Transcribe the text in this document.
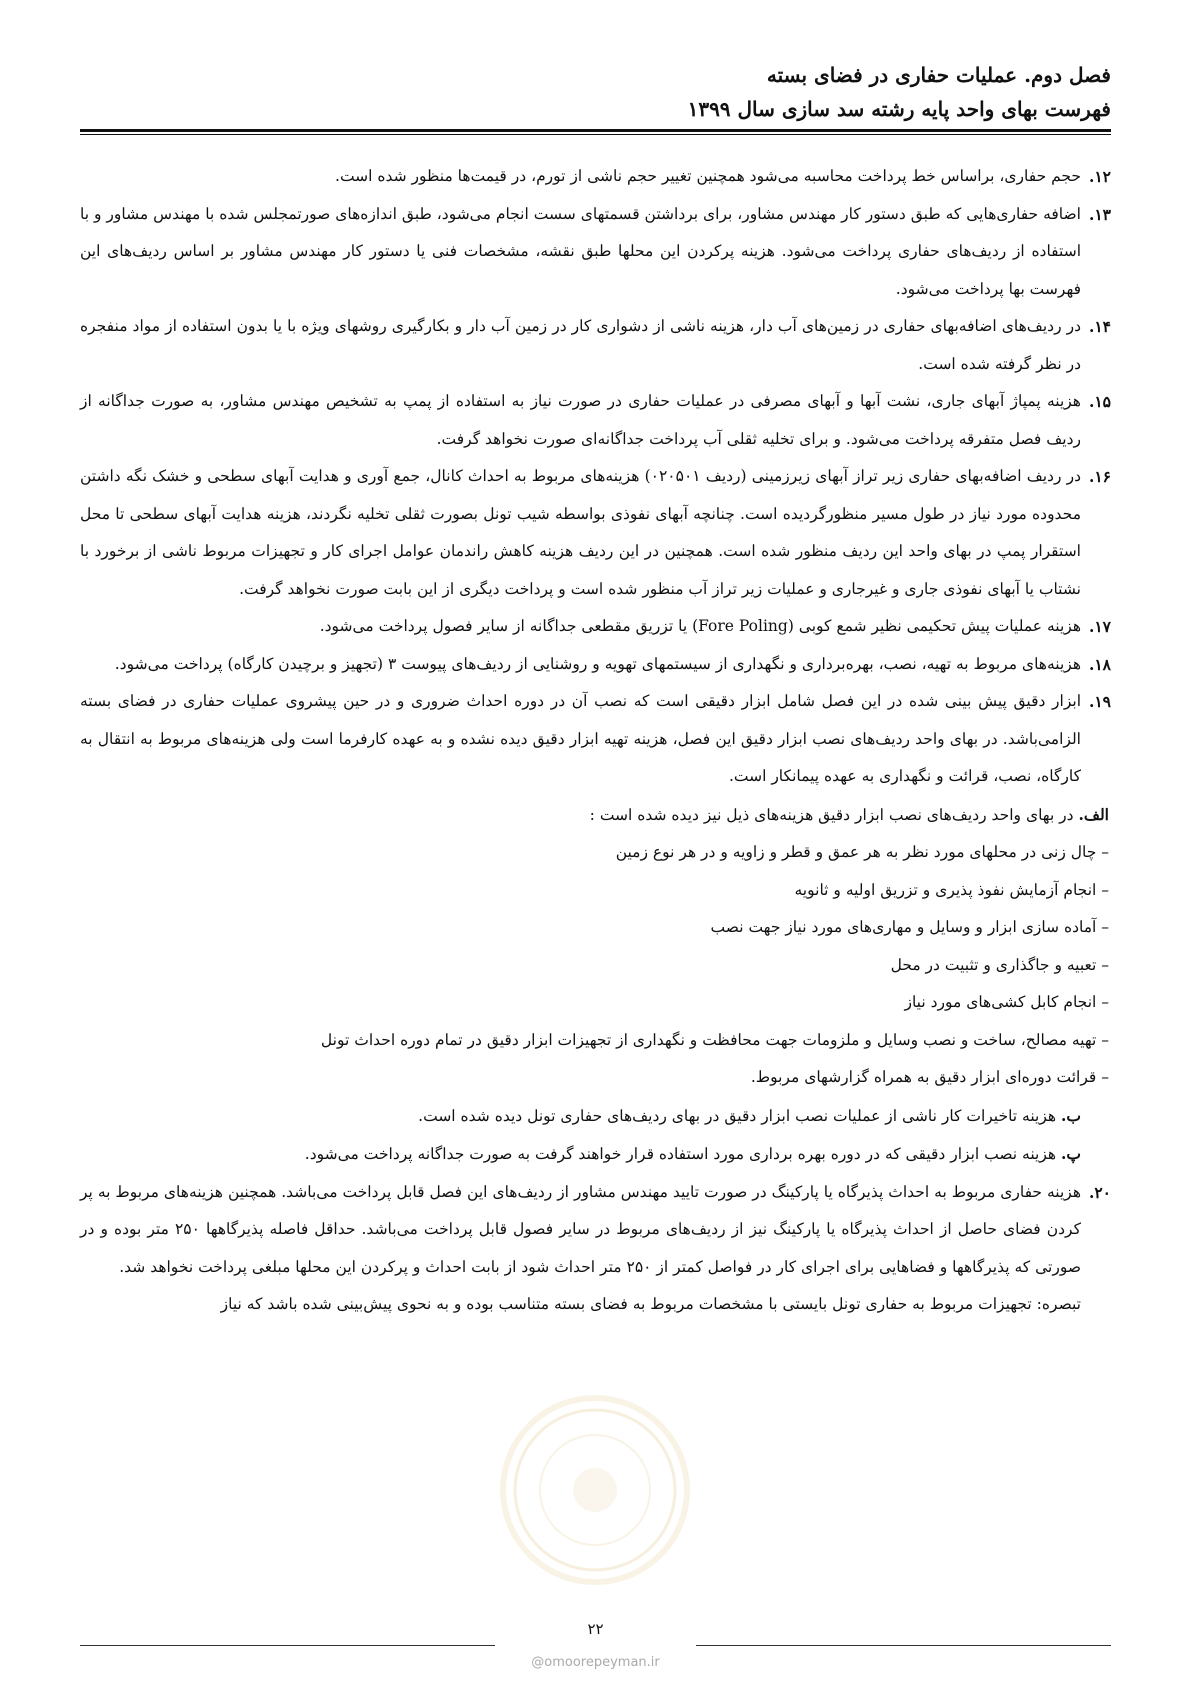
فصل دوم. عملیات حفاری در فضای بسته
فهرست بهای واحد پایه رشته سد سازی سال ۱۳۹۹
۱۲.
حجم حفاری، براساس خط پرداخت محاسبه می‌شود همچنین تغییر حجم ناشی از تورم، در قیمت‌ها منظور شده است.
۱۳.
اضافه حفاری‌هایی که طبق دستور کار مهندس مشاور، برای برداشتن قسمتهای سست انجام می‌شود، طبق اندازه‌های صورتمجلس شده با مهندس مشاور و با استفاده از ردیف‌های حفاری پرداخت می‌شود. هزینه پرکردن این محلها طبق نقشه، مشخصات فنی یا دستور کار مهندس مشاور بر اساس ردیف‌های این فهرست بها پرداخت می‌شود.
۱۴.
در ردیف‌های اضافه‌بهای حفاری در زمین‌های آب دار، هزینه ناشی از دشواری کار در زمین آب دار و بکارگیری روشهای ویژه با یا بدون استفاده از مواد منفجره در نظر گرفته شده است.
۱۵.
هزینه پمپاژ آبهای جاری، نشت آبها و آبهای مصرفی در عملیات حفاری در صورت نیاز به استفاده از پمپ به تشخیص مهندس مشاور، به صورت جداگانه از ردیف فصل متفرقه پرداخت می‌شود. و برای تخلیه ثقلی آب پرداخت جداگانه‌ای صورت نخواهد گرفت.
۱۶.
در ردیف اضافه‌بهای حفاری زیر تراز آبهای زیرزمینی (ردیف ۰۲۰۵۰۱) هزینه‌های مربوط به احداث کانال، جمع آوری و هدایت آبهای سطحی و خشک نگه داشتن محدوده مورد نیاز در طول مسیر منظورگردیده است. چنانچه آبهای نفوذی بواسطه شیب تونل بصورت ثقلی تخلیه نگردند، هزینه هدایت آبهای سطحی تا محل استقرار پمپ در بهای واحد این ردیف منظور شده است. همچنین در این ردیف هزینه کاهش راندمان عوامل اجرای کار و تجهیزات مربوط ناشی از برخورد با نشتاب یا آبهای نفوذی جاری و غیرجاری و عملیات زیر تراز آب منظور شده است و پرداخت دیگری از این بابت صورت نخواهد گرفت.
۱۷.
هزینه عملیات پیش تحکیمی نظیر شمع کوبی (Fore Poling) یا تزریق مقطعی جداگانه از سایر فصول پرداخت می‌شود.
۱۸.
هزینه‌های مربوط به تهیه، نصب، بهره‌برداری و نگهداری از سیستمهای تهویه و روشنایی از ردیف‌های پیوست ۳ (تجهیز و برچیدن کارگاه) پرداخت می‌شود.
۱۹.
ابزار دقیق پیش بینی شده در این فصل شامل ابزار دقیقی است که نصب آن در دوره احداث ضروری و در حین پیشروی عملیات حفاری در فضای بسته الزامی‌باشد. در بهای واحد ردیف‌های نصب ابزار دقیق این فصل، هزینه تهیه ابزار دقیق دیده نشده و به عهده کارفرما است ولی هزینه‌های مربوط به انتقال به کارگاه، نصب، قرائت و نگهداری به عهده پیمانکار است.
الف. در بهای واحد ردیف‌های نصب ابزار دقیق هزینه‌های ذیل نیز دیده شده است :
– چال زنی در محلهای مورد نظر به هر عمق و قطر و زاویه و در هر نوع زمین
– انجام آزمایش نفوذ پذیری و تزریق اولیه و ثانویه
– آماده سازی ابزار و وسایل و مهاری‌های مورد نیاز جهت نصب
– تعبیه و جاگذاری و تثبیت در محل
– انجام کابل کشی‌های مورد نیاز
– تهیه مصالح، ساخت و نصب وسایل و ملزومات جهت محافظت و نگهداری از تجهیزات ابزار دقیق در تمام دوره احداث تونل
– قرائت دوره‌ای ابزار دقیق به همراه گزارشهای مربوط.
ب. هزینه تاخیرات کار ناشی از عملیات نصب ابزار دقیق در بهای ردیف‌های حفاری تونل دیده شده است.
پ. هزینه نصب ابزار دقیقی که در دوره بهره برداری مورد استفاده قرار خواهند گرفت به صورت جداگانه پرداخت می‌شود.
۲۰.
هزینه حفاری مربوط به احداث پذیرگاه یا پارکینگ در صورت تایید مهندس مشاور از ردیف‌های این فصل قابل پرداخت می‌باشد. همچنین هزینه‌های مربوط به پر کردن فضای حاصل از احداث پذیرگاه یا پارکینگ نیز از ردیف‌های مربوط در سایر فصول قابل پرداخت می‌باشد. حداقل فاصله پذیرگاهها ۲۵۰ متر بوده و در صورتی که پذیرگاهها و فضاهایی برای اجرای کار در فواصل کمتر از ۲۵۰ متر احداث شود از بابت احداث و پرکردن این محلها مبلغی پرداخت نخواهد شد.
تبصره: تجهیزات مربوط به حفاری تونل بایستی با مشخصات مربوط به فضای بسته متناسب بوده و به نحوی پیش‌بینی شده باشد که نیاز
۲۲
@omoorepeyman.ir
